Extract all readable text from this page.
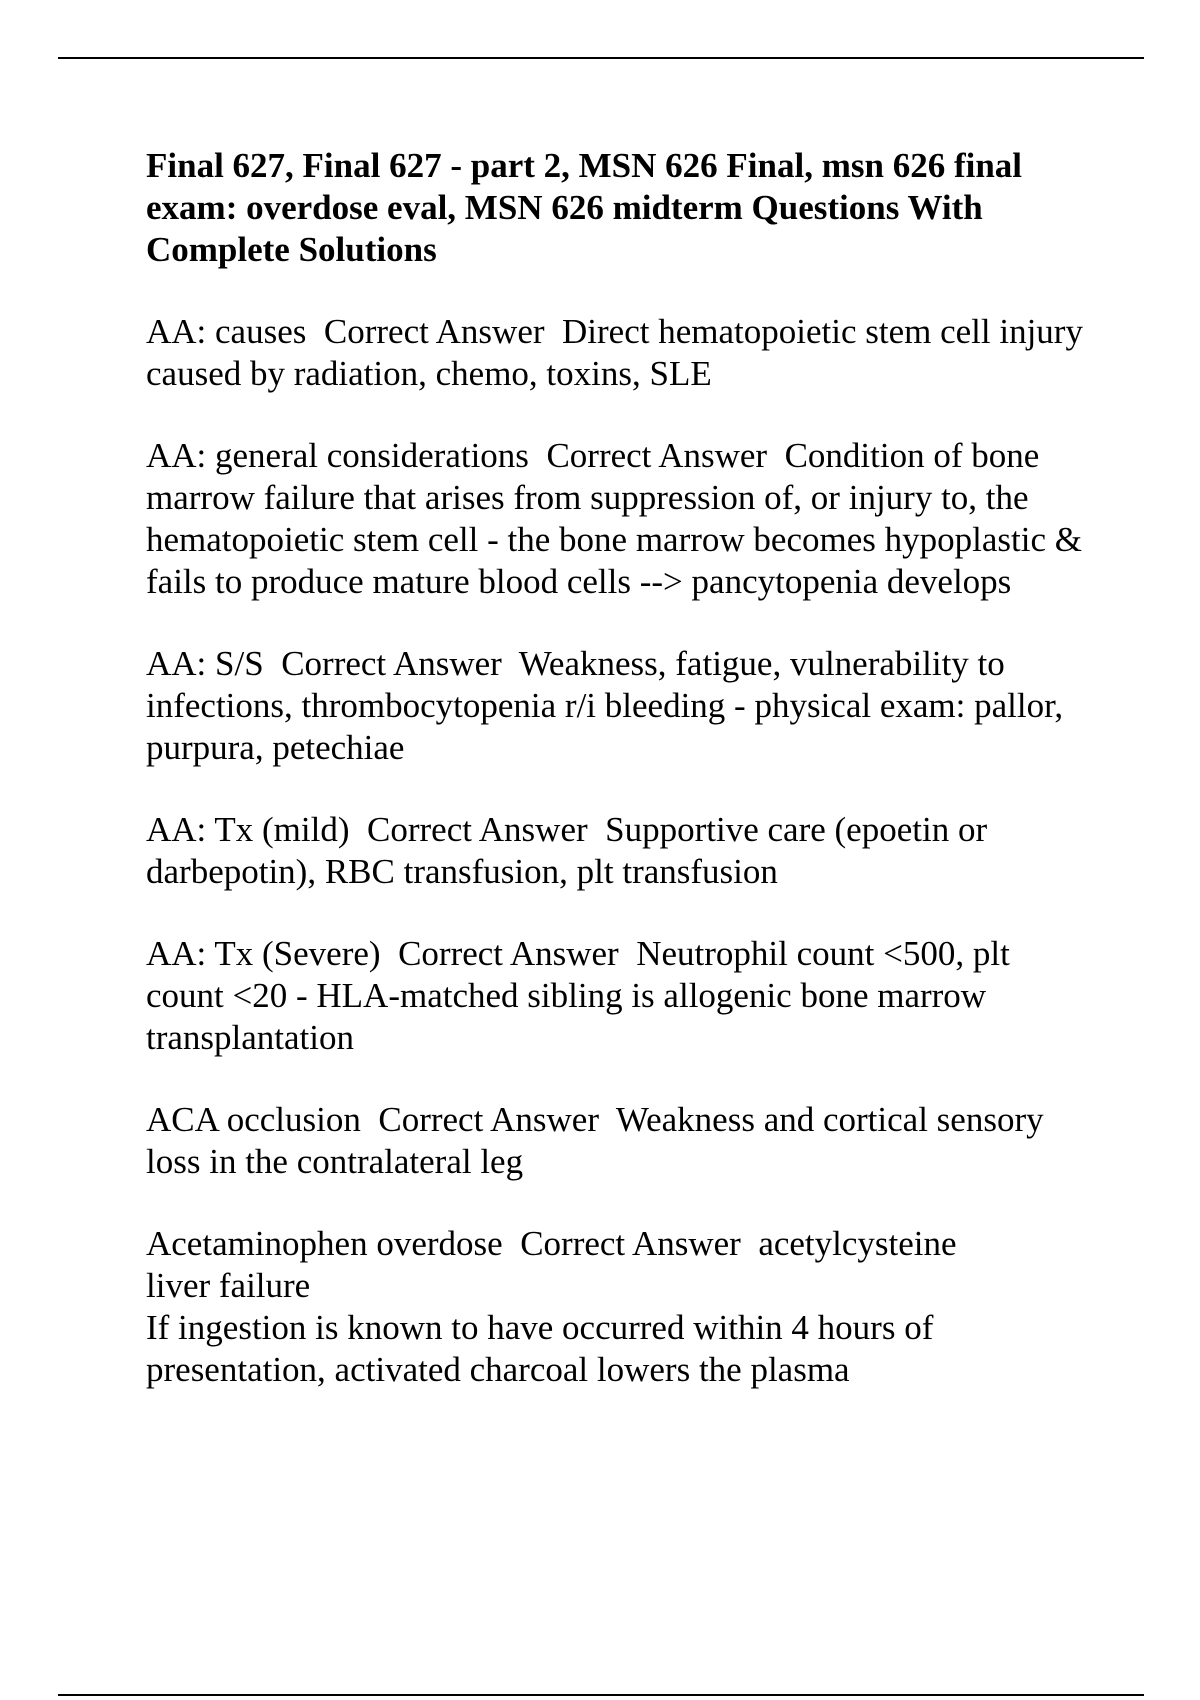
Final 627, Final 627 - part 2, MSN 626 Final, msn 626 final exam: overdose eval, MSN 626 midterm Questions With Complete Solutions

AA: causes Correct Answer Direct hematopoietic stem cell injury caused by radiation, chemo, toxins, SLE

AA: general considerations Correct Answer Condition of bone marrow failure that arises from suppression of, or injury to, the hematopoietic stem cell - the bone marrow becomes hypoplastic & fails to produce mature blood cells --> pancytopenia develops

AA: S/S Correct Answer Weakness, fatigue, vulnerability to infections, thrombocytopenia r/i bleeding - physical exam: pallor, purpura, petechiae

AA: Tx (mild) Correct Answer Supportive care (epoetin or darbepotin), RBC transfusion, plt transfusion

AA: Tx (Severe) Correct Answer Neutrophil count <500, plt count <20 - HLA-matched sibling is allogenic bone marrow transplantation

ACA occlusion Correct Answer Weakness and cortical sensory loss in the contralateral leg

Acetaminophen overdose Correct Answer acetylcysteine

liver failure

If ingestion is known to have occurred within 4 hours of presentation, activated charcoal lowers the plasma
